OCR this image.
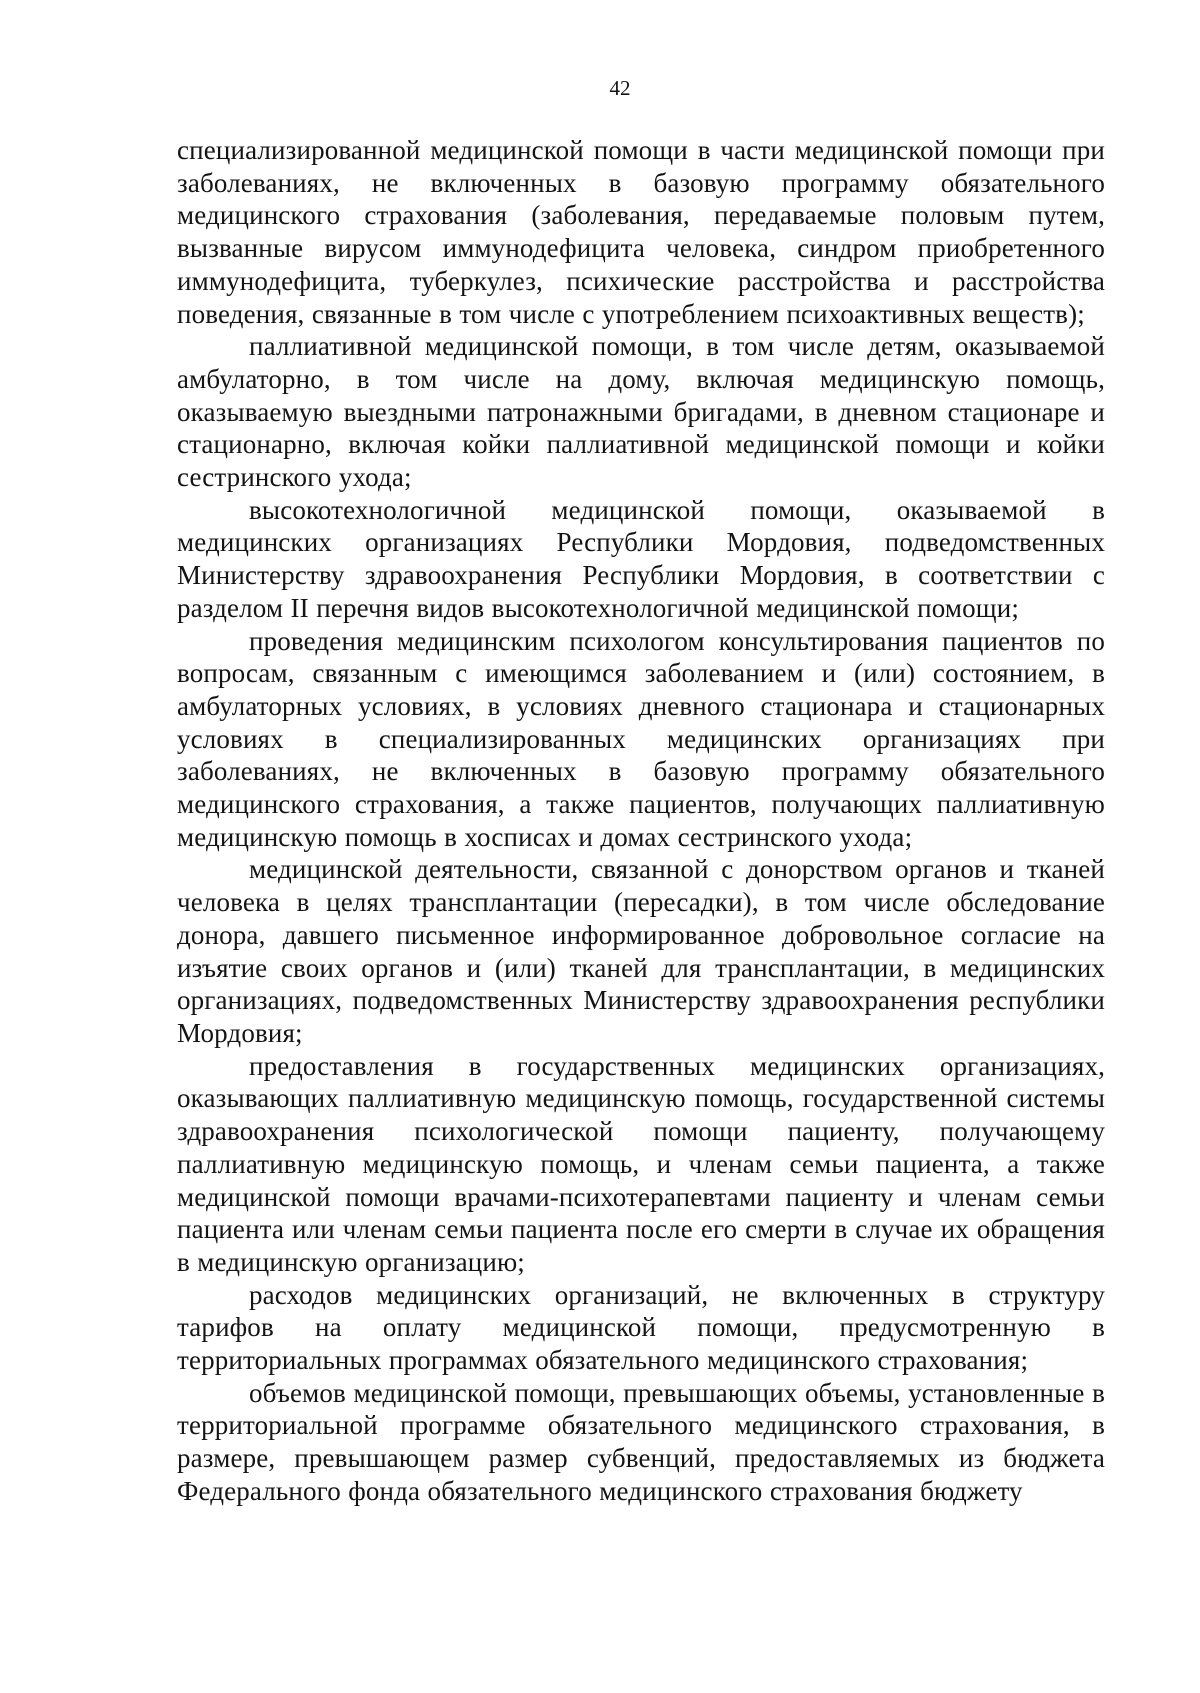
42

специализированной медицинской помощи в части медицинской помощи при заболеваниях, не включенных в базовую программу обязательного медицинского страхования (заболевания, передаваемые половым путем, вызванные вирусом иммунодефицита человека, синдром приобретенного иммунодефицита, туберкулез, психические расстройства и расстройства поведения, связанные в том числе с употреблением психоактивных веществ);

паллиативной медицинской помощи, в том числе детям, оказываемой амбулаторно, в том числе на дому, включая медицинскую помощь, оказываемую выездными патронажными бригадами, в дневном стационаре и стационарно, включая койки паллиативной медицинской помощи и койки сестринского ухода;

высокотехнологичной медицинской помощи, оказываемой в медицинских организациях Республики Мордовия, подведомственных Министерству здравоохранения Республики Мордовия, в соответствии с разделом II перечня видов высокотехнологичной медицинской помощи;

проведения медицинским психологом консультирования пациентов по вопросам, связанным с имеющимся заболеванием и (или) состоянием, в амбулаторных условиях, в условиях дневного стационара и стационарных условиях в специализированных медицинских организациях при заболеваниях, не включенных в базовую программу обязательного медицинского страхования, а также пациентов, получающих паллиативную медицинскую помощь в хосписах и домах сестринского ухода;

медицинской деятельности, связанной с донорством органов и тканей человека в целях трансплантации (пересадки), в том числе обследование донора, давшего письменное информированное добровольное согласие на изъятие своих органов и (или) тканей для трансплантации, в медицинских организациях, подведомственных Министерству здравоохранения республики Мордовия;

предоставления в государственных медицинских организациях, оказывающих паллиативную медицинскую помощь, государственной системы здравоохранения психологической помощи пациенту, получающему паллиативную медицинскую помощь, и членам семьи пациента, а также медицинской помощи врачами-психотерапевтами пациенту и членам семьи пациента или членам семьи пациента после его смерти в случае их обращения в медицинскую организацию;

расходов медицинских организаций, не включенных в структуру тарифов на оплату медицинской помощи, предусмотренную в территориальных программах обязательного медицинского страхования;

объемов медицинской помощи, превышающих объемы, установленные в территориальной программе обязательного медицинского страхования, в размере, превышающем размер субвенций, предоставляемых из бюджета Федерального фонда обязательного медицинского страхования бюджету
